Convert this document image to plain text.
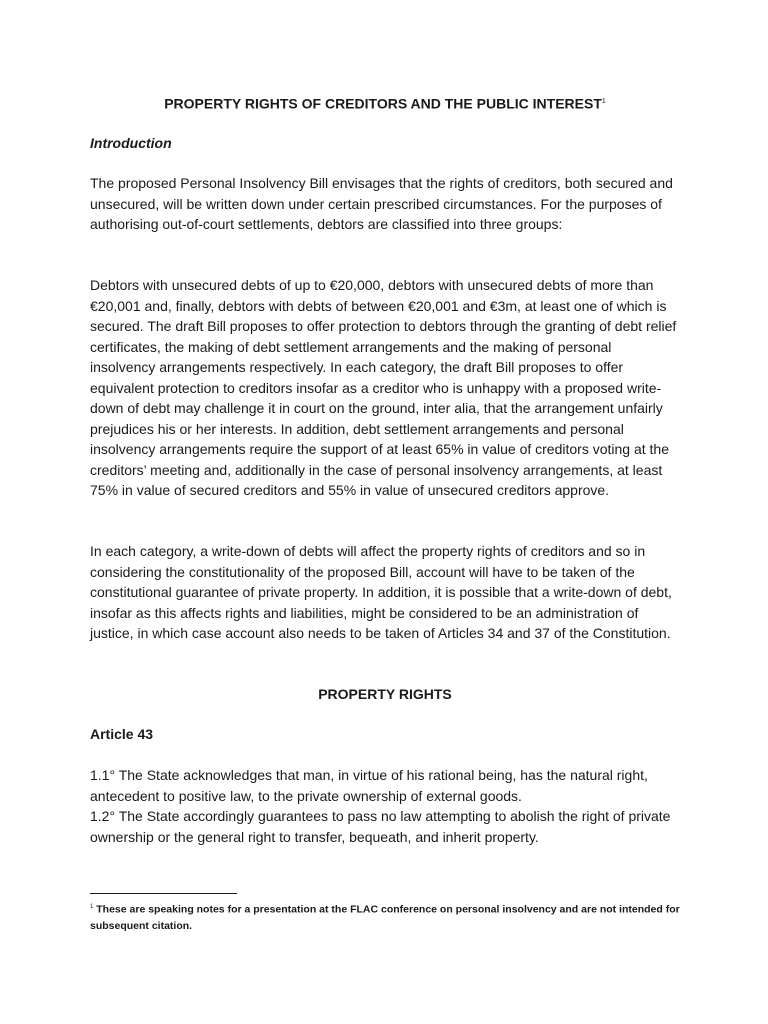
PROPERTY RIGHTS OF CREDITORS AND THE PUBLIC INTEREST$^1$
Introduction

The proposed Personal Insolvency Bill envisages that the rights of creditors, both secured and unsecured, will be written down under certain prescribed circumstances. For the purposes of authorising out-of-court settlements, debtors are classified into three groups:

Debtors with unsecured debts of up to €20,000, debtors with unsecured debts of more than €20,001 and, finally, debtors with debts of between €20,001 and €3m, at least one of which is secured. The draft Bill proposes to offer protection to debtors through the granting of debt relief certificates, the making of debt settlement arrangements and the making of personal insolvency arrangements respectively. In each category, the draft Bill proposes to offer equivalent protection to creditors insofar as a creditor who is unhappy with a proposed write-down of debt may challenge it in court on the ground, inter alia, that the arrangement unfairly prejudices his or her interests. In addition, debt settlement arrangements and personal insolvency arrangements require the support of at least 65% in value of creditors voting at the creditors’ meeting and, additionally in the case of personal insolvency arrangements, at least 75% in value of secured creditors and 55% in value of unsecured creditors approve.

In each category, a write-down of debts will affect the property rights of creditors and so in considering the constitutionality of the proposed Bill, account will have to be taken of the constitutional guarantee of private property. In addition, it is possible that a write-down of debt, insofar as this affects rights and liabilities, might be considered to be an administration of justice, in which case account also needs to be taken of Articles 34 and 37 of the Constitution.

PROPERTY RIGHTS
Article 43

1.1° The State acknowledges that man, in virtue of his rational being, has the natural right, antecedent to positive law, to the private ownership of external goods.

1.2° The State accordingly guarantees to pass no law attempting to abolish the right of private ownership or the general right to transfer, bequeath, and inherit property.

$^1$ These are speaking notes for a presentation at the FLAC conference on personal insolvency and are not intended for subsequent citation.
